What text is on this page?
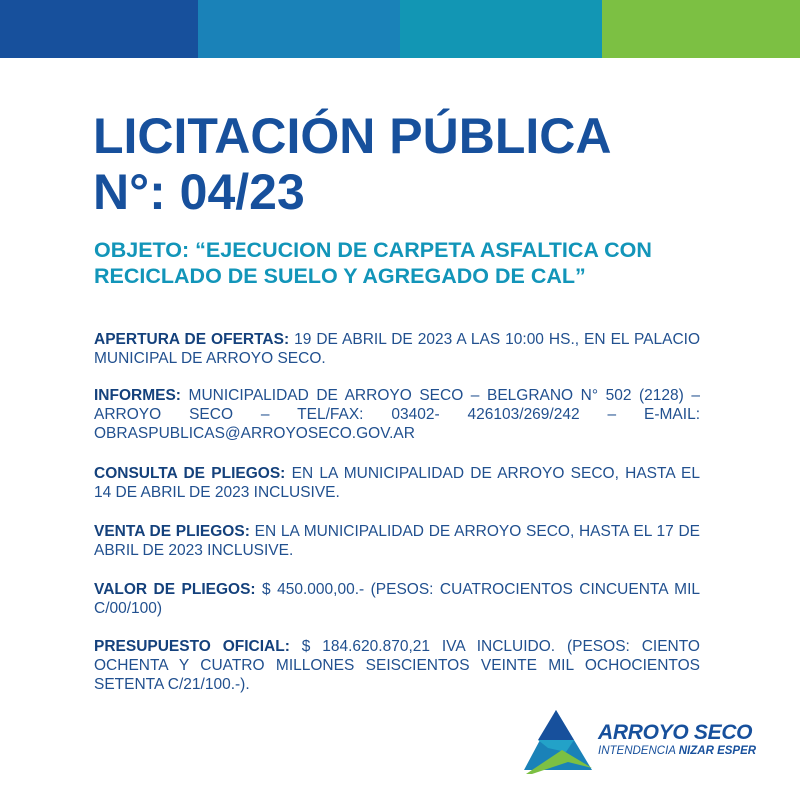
LICITACIÓN PÚBLICA
N°: 04/23
OBJETO: “EJECUCION DE CARPETA ASFALTICA CON
RECICLADO DE SUELO Y AGREGADO DE CAL”

APERTURA DE OFERTAS: 19 DE ABRIL DE 2023 A LAS 10:00 HS., EN EL PALACIO MUNICIPAL DE ARROYO SECO.

INFORMES: MUNICIPALIDAD DE ARROYO SECO – BELGRANO N° 502 (2128) –ARROYO SECO – TEL/FAX: 03402- 426103/269/242 – E-MAIL: OBRASPUBLICAS@ARROYOSECO.GOV.AR

CONSULTA DE PLIEGOS: EN LA MUNICIPALIDAD DE ARROYO SECO, HASTA EL 14 DE ABRIL DE 2023 INCLUSIVE.

VENTA DE PLIEGOS: EN LA MUNICIPALIDAD DE ARROYO SECO, HASTA EL 17 DE ABRIL DE 2023 INCLUSIVE.

VALOR DE PLIEGOS: $ 450.000,00.- (PESOS: CUATROCIENTOS CINCUENTA MIL C/00/100)

PRESUPUESTO OFICIAL: $ 184.620.870,21 IVA INCLUIDO. (PESOS: CIENTO OCHENTA Y CUATRO MILLONES SEISCIENTOS VEINTE MIL OCHOCIENTOS SETENTA C/21/100.-).

ARROYO SECO
INTENDENCIA NIZAR ESPER
